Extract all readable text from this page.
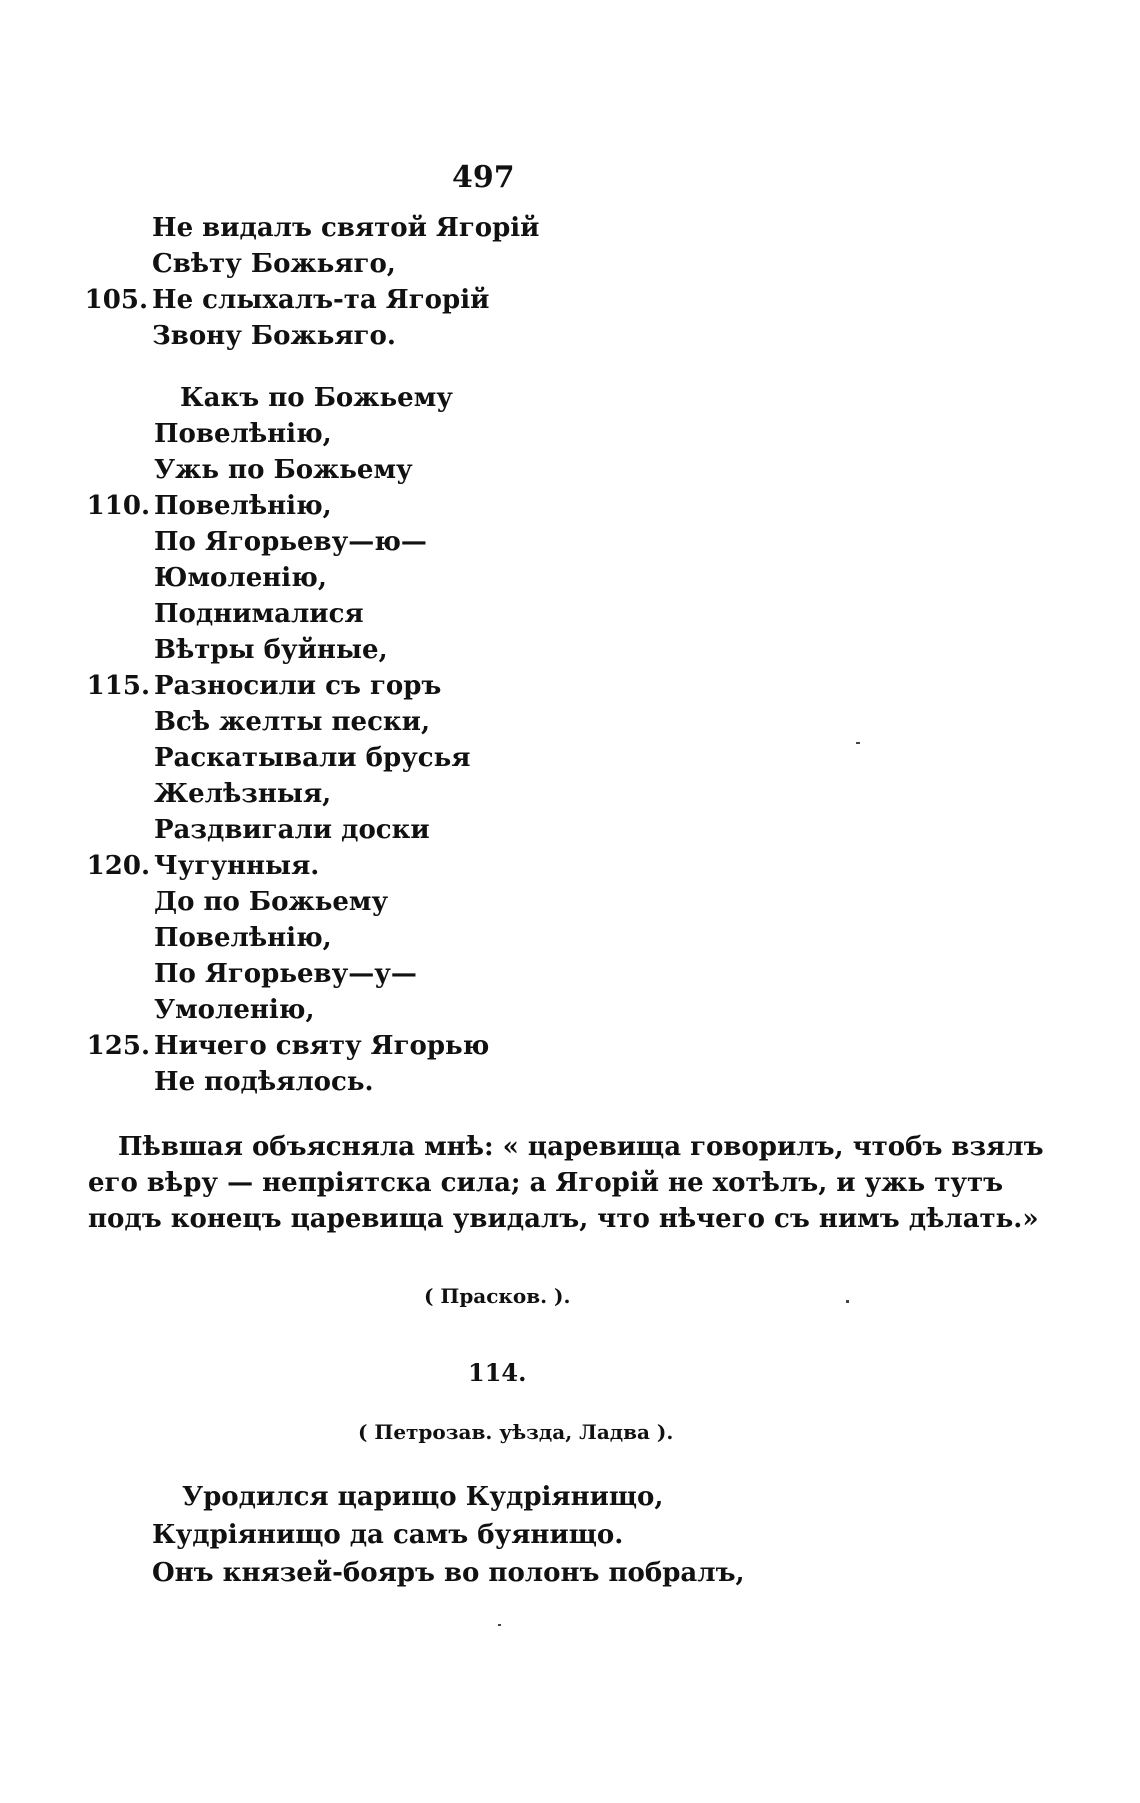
497
Не видалъ святой Ягорій
Свѣту Божьяго,
105. Не слыхалъ-та Ягорій
Звону Божьяго.
Какъ по Божьему
Повелѣнію,
Ужь по Божьему
110. Повелѣнію,
По Ягорьеву—ю—
Юмоленію,
Поднималися
Вѣтры буйные,
115. Разносили съ горъ
Всѣ желты пески,
Раскатывали брусья
Желѣзныя,
Раздвигали доски
120. Чугунныя.
До по Божьему
Повелѣнію,
По Ягорьеву—у—
Умоленію,
125. Ничего святу Ягорью
Не подѣялось.
Пѣвшая объясняла мнѣ: « царевища говорилъ, чтобъ взялъ
его вѣру — непріятска сила; а Ягорій не хотѣлъ, и ужь тутъ
подъ конецъ царевища увидалъ, что нѣчего съ нимъ дѣлать.»
( Прасков. ).
114.
( Петрозав. уѣзда, Ладва ).
Уродился царищо Кудріянищо,
Кудріянищо да самъ буянищо.
Онъ князей-бояръ во полонъ побралъ,
